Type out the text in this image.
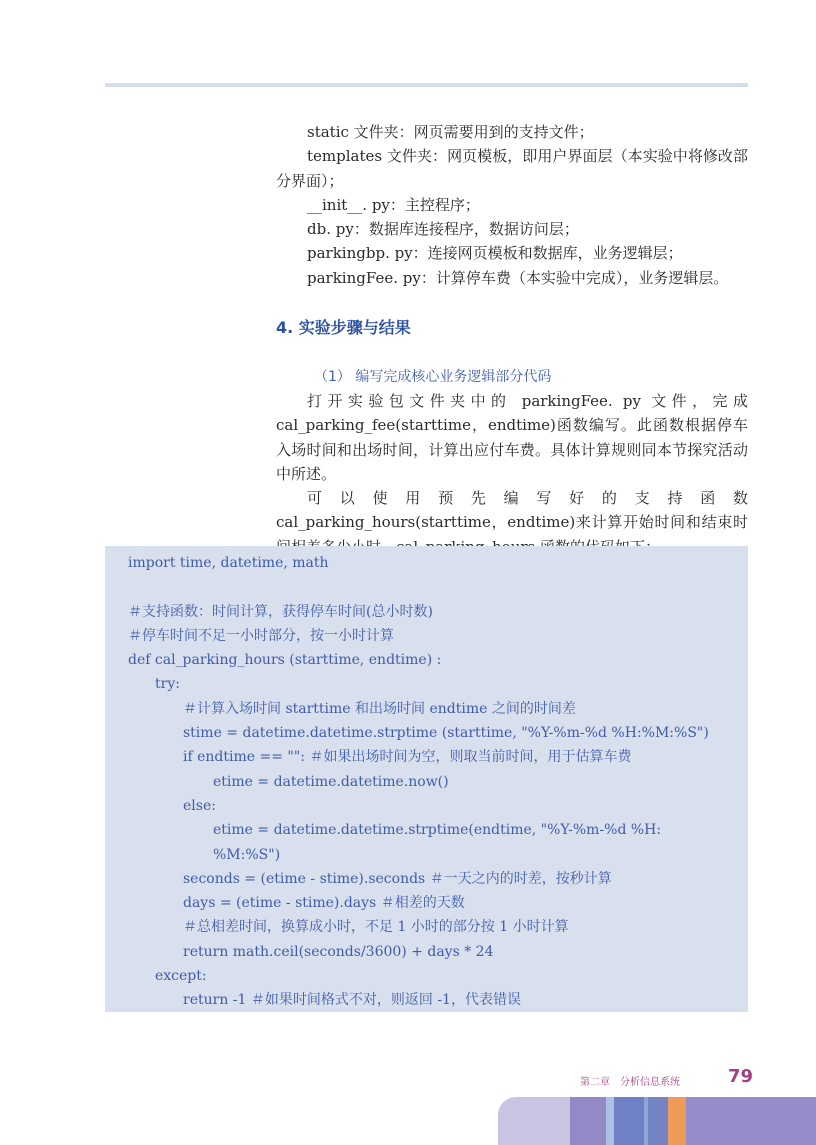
static 文件夹：网页需要用到的支持文件；

templates 文件夹：网页模板，即用户界面层（本实验中将修改部分界面）；

__init__. py：主控程序；

db. py：数据库连接程序，数据访问层；

parkingbp. py：连接网页模板和数据库，业务逻辑层；

parkingFee. py：计算停车费（本实验中完成），业务逻辑层。

4. 实验步骤与结果
（1） 编写完成核心业务逻辑部分代码

打开实验包文件夹中的 parkingFee. py 文件，完成 cal_parking_fee(starttime，endtime)函数编写。此函数根据停车入场时间和出场时间，计算出应付车费。具体计算规则同本节探究活动中所述。

可以使用预先编写好的支持函数 cal_parking_hours(starttime，endtime)来计算开始时间和结束时

import time, datetime, math
＃支持函数：时间计算，获得停车时间(总小时数)
＃停车时间不足一小时部分，按一小时计算
def cal_parking_hours (starttime, endtime) :
try:
＃计算入场时间 starttime 和出场时间 endtime 之间的时间差
stime = datetime.datetime.strptime (starttime, "%Y-%m-%d %H:%M:%S")
if endtime == "": ＃如果出场时间为空，则取当前时间，用于估算车费
etime = datetime.datetime.now()
else:
etime = datetime.datetime.strptime(endtime, "%Y-%m-%d %H:
%M:%S")
seconds = (etime - stime).seconds ＃一天之内的时差，按秒计算
days = (etime - stime).days ＃相差的天数
＃总相差时间，换算成小时，不足 1 小时的部分按 1 小时计算
return math.ceil(seconds/3600) + days * 24
except:
return -1 ＃如果时间格式不对，则返回 -1，代表错误
第二章　分析信息系统	79
